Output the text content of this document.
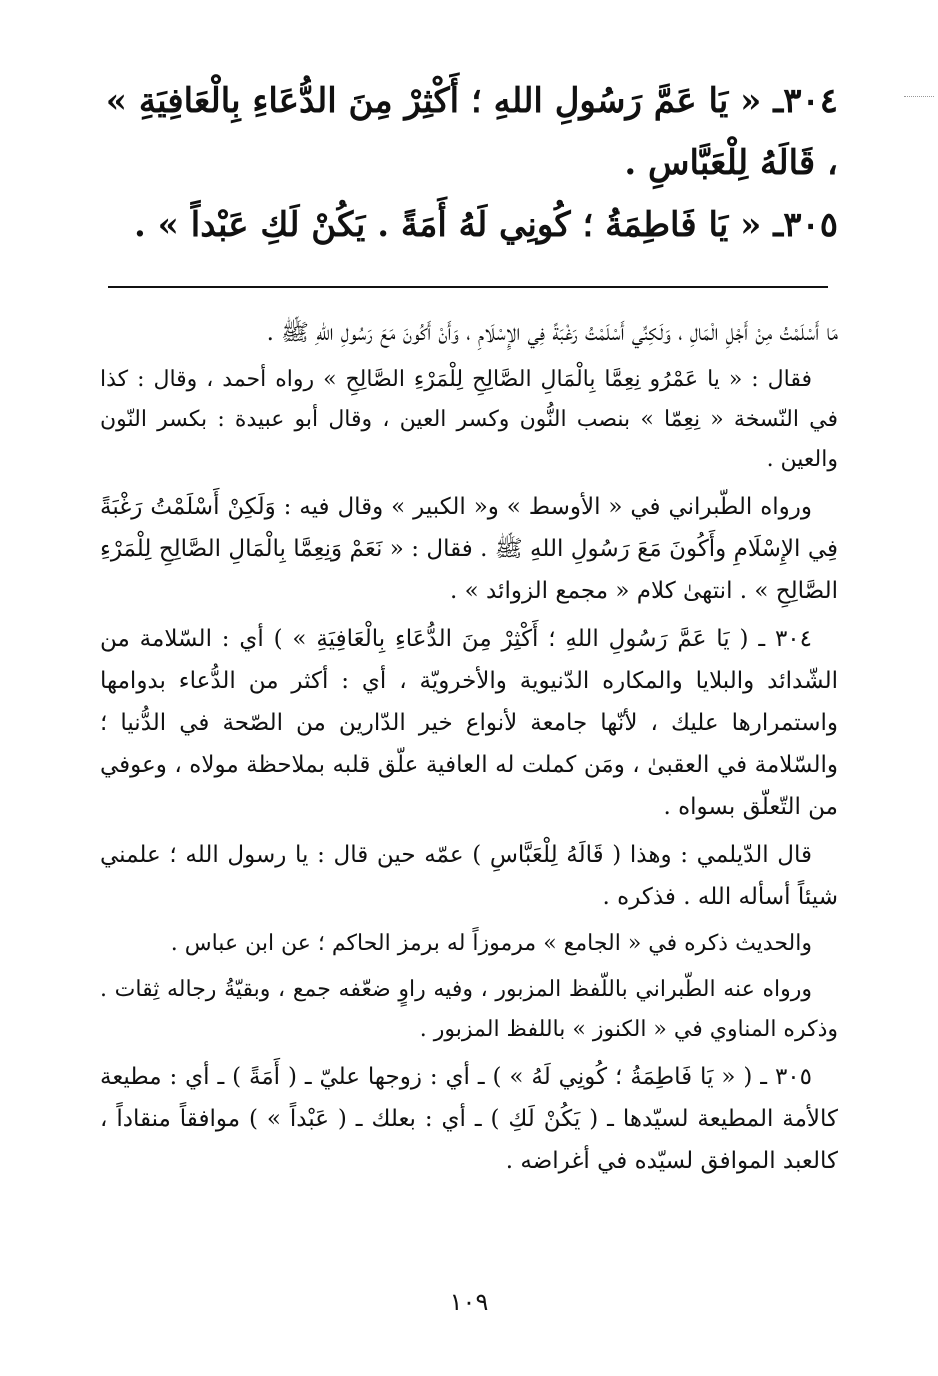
٣٠٤ـ « يَا عَمَّ رَسُولِ اللهِ ؛ أَكْثِرْ مِنَ الدُّعَاءِ بِالْعَافِيَةِ » ، قَالَهُ لِلْعَبَّاسِ .

٣٠٥ـ « يَا فَاطِمَةُ ؛ كُونِي لَهُ أَمَةً . يَكُنْ لَكِ عَبْداً » .

مَا أَسْلَمْتُ مِنْ أَجْلِ الْمَالِ ، وَلَكِنِّي أَسْلَمْتُ رَغْبَةً فِي الإِسْلَامِ ، وَأَنْ أَكُونَ مَعَ رَسُولِ اللهِ ﷺ .

فقال : « يا عَمْرُو نِعِمَّا بِالْمَالِ الصَّالِحِ لِلْمَرْءِ الصَّالِحِ » رواه أحمد ، وقال : كذا في النّسخة « نِعِمّا » بنصب النُّون وكسر العين ، وقال أبو عبيدة : بكسر النّون والعين .

ورواه الطّبراني في « الأوسط » و« الكبير » وقال فيه : وَلَكِنْ أَسْلَمْتُ رَغْبَةً فِي الإِسْلَامِ وأَكُونَ مَعَ رَسُولِ اللهِ ﷺ . فقال : « نَعَمْ وَنِعِمَّا بِالْمَالِ الصَّالِحِ لِلْمَرْءِ الصَّالِحِ » . انتهىٰ كلام « مجمع الزوائد » .

٣٠٤ ـ ( يَا عَمَّ رَسُولِ اللهِ ؛ أَكْثِرْ مِنَ الدُّعَاءِ بِالْعَافِيَةِ » ) أي : السّلامة من الشّدائد والبلايا والمكاره الدّنيوية والأخرويّة ، أي : أكثر من الدُّعاء بدوامها واستمرارها عليك ، لأنّها جامعة لأنواع خير الدّارين من الصّحة في الدُّنيا ؛ والسّلامة في العقبىٰ ، ومَن كملت له العافية علّق قلبه بملاحظة مولاه ، وعوفي من التّعلّق بسواه .

قال الدّيلمي : وهذا ( قَالَهُ لِلْعَبَّاسِ ) عمّه حين قال : يا رسول الله ؛ علمني شيئاً أسأله الله . فذكره .

والحديث ذكره في « الجامع » مرموزاً له برمز الحاكم ؛ عن ابن عباس .

ورواه عنه الطّبراني باللّفظ المزبور ، وفيه راوٍ ضعّفه جمع ، وبقيّةُ رجاله ثِقات . وذكره المناوي في « الكنوز » باللفظ المزبور .

٣٠٥ ـ ( « يَا فَاطِمَةُ ؛ كُونِي لَهُ » ) ـ أي : زوجها عليّ ـ ( أَمَةً ) ـ أي : مطيعة كالأمة المطيعة لسيّدها ـ ( يَكُنْ لَكِ ) ـ أي : بعلك ـ ( عَبْداً » ) موافقاً منقاداً ، كالعبد الموافق لسيّده في أغراضه .

١٠٩
